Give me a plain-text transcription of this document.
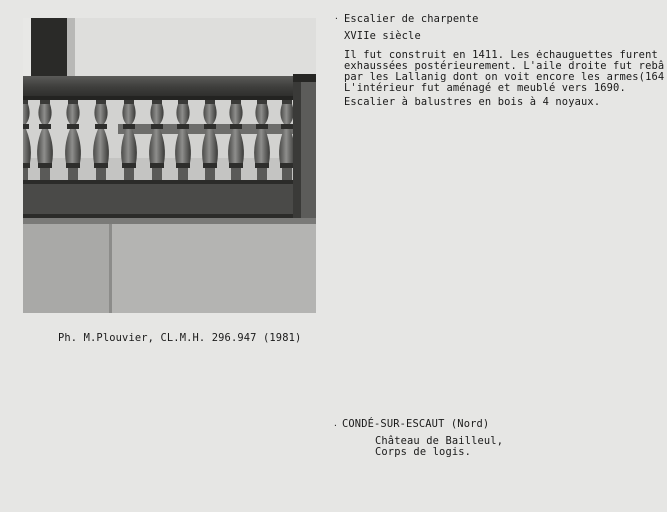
· Escalier de charpente
XVIIe siècle
Il fut construit en 1411. Les échauguettes furent
exhaussées postérieurement. L'aile droite fut rebâ
par les Lallanig dont on voit encore les armes(164
L'intérieur fut aménagé et meublé vers 1690.
Escalier à balustres en bois à 4 noyaux.
Ph. M.Plouvier, CL.M.H. 296.947 (1981)
· CONDÉ-SUR-ESCAUT (Nord)
Château de Bailleul,
Corps de logis.
